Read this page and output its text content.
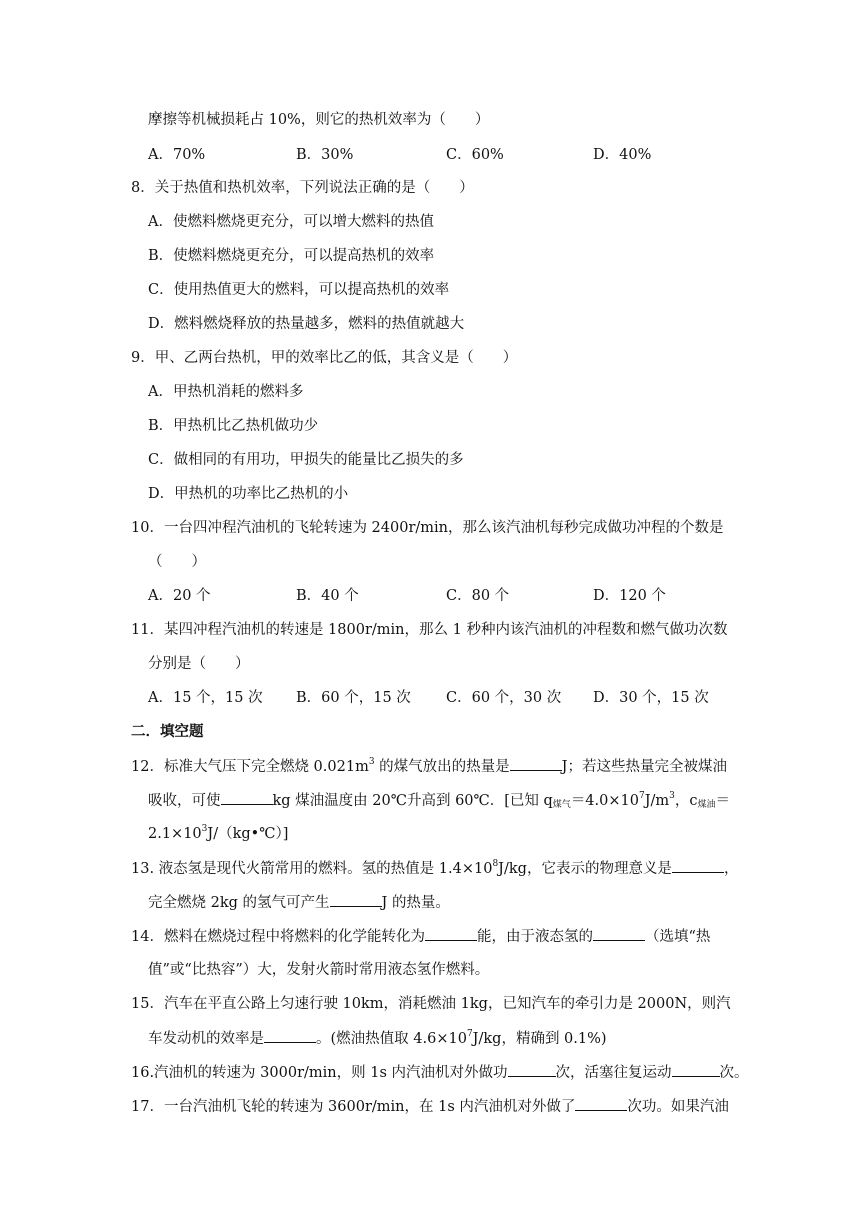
摩擦等机械损耗占 10%，则它的热机效率为（　　）
A．70%	B．30%	C．60%	D．40%
8．关于热值和热机效率，下列说法正确的是（　　）
A．使燃料燃烧更充分，可以增大燃料的热值
B．使燃料燃烧更充分，可以提高热机的效率
C．使用热值更大的燃料，可以提高热机的效率
D．燃料燃烧释放的热量越多，燃料的热值就越大
9．甲、乙两台热机，甲的效率比乙的低，其含义是（　　）
A．甲热机消耗的燃料多
B．甲热机比乙热机做功少
C．做相同的有用功，甲损失的能量比乙损失的多
D．甲热机的功率比乙热机的小
10．一台四冲程汽油机的飞轮转速为 2400r/min，那么该汽油机每秒完成做功冲程的个数是
（　　）
A．20 个	B．40 个	C．80 个	D．120 个
11．某四冲程汽油机的转速是 1800r/min，那么 1 秒种内该汽油机的冲程数和燃气做功次数
分别是（　　）
A．15 个，15 次 B．60 个，15 次 C．60 个，30 次 D．30 个，15 次
二．填空题
12．标准大气压下完全燃烧 $0.021m^3$ 的煤气放出的热量是	J；若这些热量完全被煤油
吸收，可使	kg 煤油温度由 20℃升高到 60℃．[已知 $q_{煤气}=4.0\times 10^7J/m^3$，$c_{煤油}=$
$2.1\times 10^3J/(kg•℃)$]
13. 液态氢是现代火箭常用的燃料。氢的热值是 $1.4\times 10^8J/kg$，它表示的物理意义是	，
完全燃烧 2kg 的氢气可产生	J 的热量。
14．燃料在燃烧过程中将燃料的化学能转化为	能，由于液态氢的	（选填“热
值”或“比热容”）大，发射火箭时常用液态氢作燃料。
15．汽车在平直公路上匀速行驶 10km，消耗燃油 1kg，已知汽车的牵引力是 2000N，则汽
车发动机的效率是	。(燃油热值取 $4.6\times 10^7J/kg$，精确到 0.1%)
16.汽油机的转速为 3000r/min，则 1s 内汽油机对外做功	次，活塞往复运动	次。
17．一台汽油机飞轮的转速为 3600r/min，在 1s 内汽油机对外做了	次功。如果汽油
